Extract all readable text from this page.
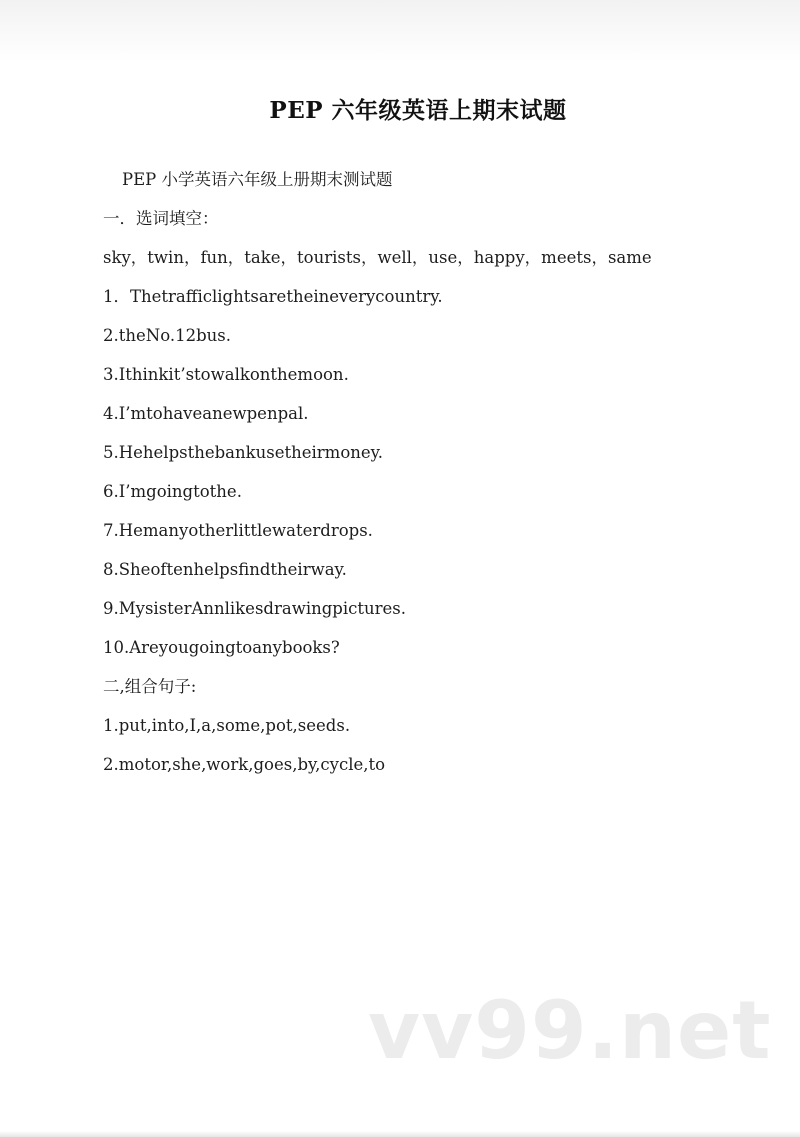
PEP 六年级英语上期末试题
PEP 小学英语六年级上册期末测试题
一．选词填空：
sky，twin，fun，take，tourists，well，use，happy，meets，same
1．Thetrafficlightsaretheineverycountry.
2.theNo.12bus.
3.Ithinkit’stowalkonthemoon.
4.I’mtohaveanewpenpal.
5.Hehelpsthebankusetheirmoney.
6.I’mgoingtothe.
7.Hemanyotherlittlewaterdrops.
8.Sheoftenhelpsfindtheirway.
9.MysisterAnnlikesdrawingpictures.
10.Areyougoingtoanybooks?
二,组合句子:
1.put,into,I,a,some,pot,seeds.
2.motor,she,work,goes,by,cycle,to
vv99.net
